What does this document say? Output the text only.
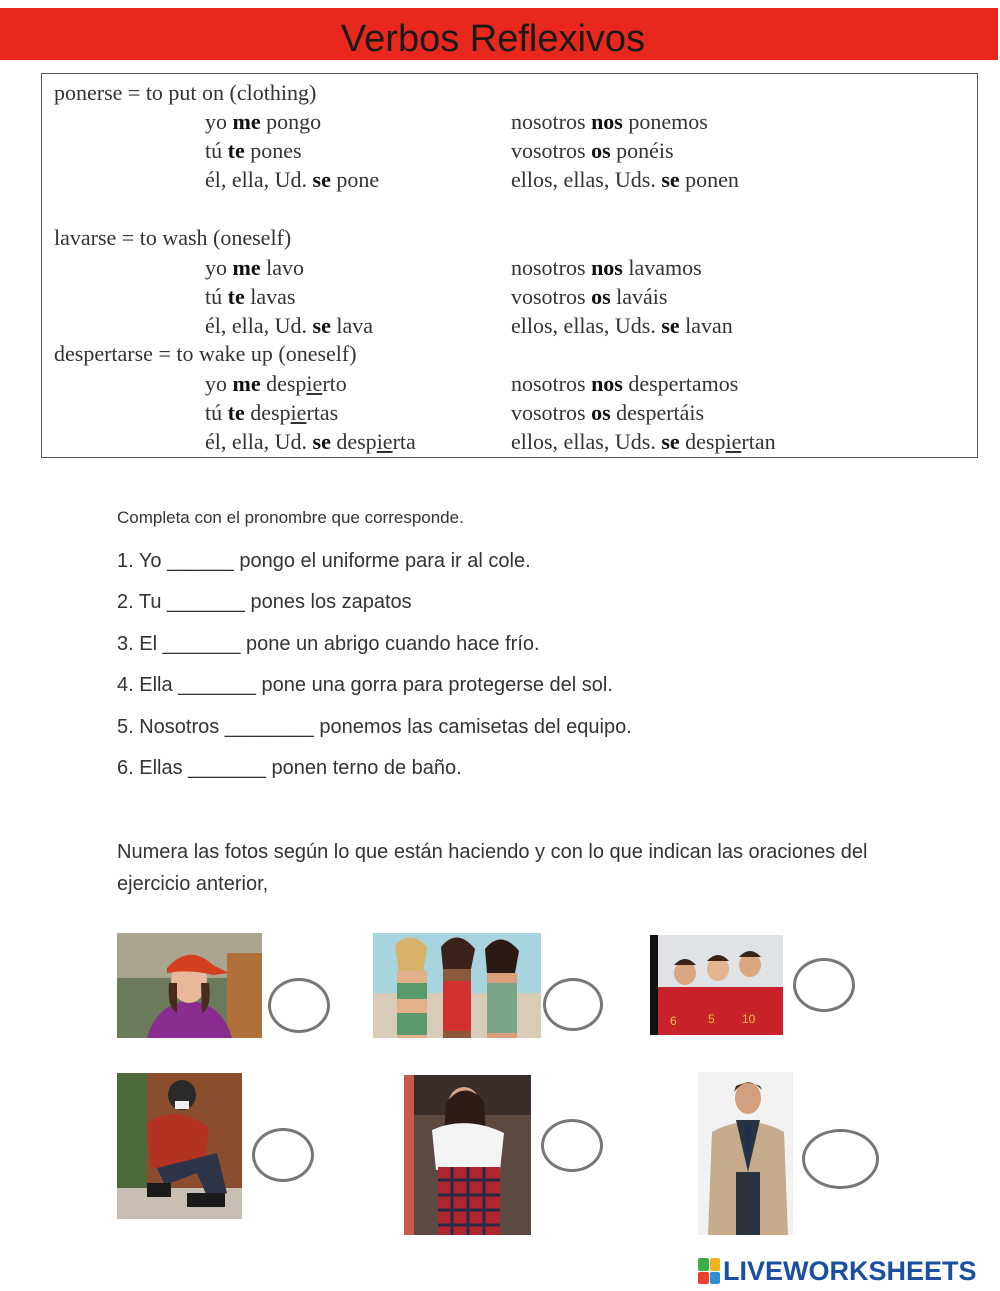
Verbos Reflexivos
ponerse = to put on (clothing)
yo me pongo	nosotros nos ponemos
tú te pones	vosotros os ponéis
él, ella, Ud. se pone	ellos, ellas, Uds. se ponen
lavarse = to wash (oneself)
yo me lavo	nosotros nos lavamos
tú te lavas	vosotros os laváis
él, ella, Ud. se lava	ellos, ellas, Uds. se lavan
despertarse = to wake up (oneself)
yo me despierto	nosotros nos despertamos
tú te despiertas	vosotros os despertáis
él, ella, Ud. se despierta	ellos, ellas, Uds. se despiertan
Completa con el pronombre que corresponde.
1. Yo ______ pongo el uniforme para ir al cole.
2. Tu _______ pones los zapatos
3. El _______ pone un abrigo cuando hace frío.
4. Ella _______ pone una gorra para protegerse del sol.
5. Nosotros ________ ponemos las camisetas del equipo.
6. Ellas _______ ponen terno de baño.
Numera las fotos según lo que están haciendo y con lo que indican las oraciones del ejercicio anterior,
6	5 10
LIVEWORKSHEETS
